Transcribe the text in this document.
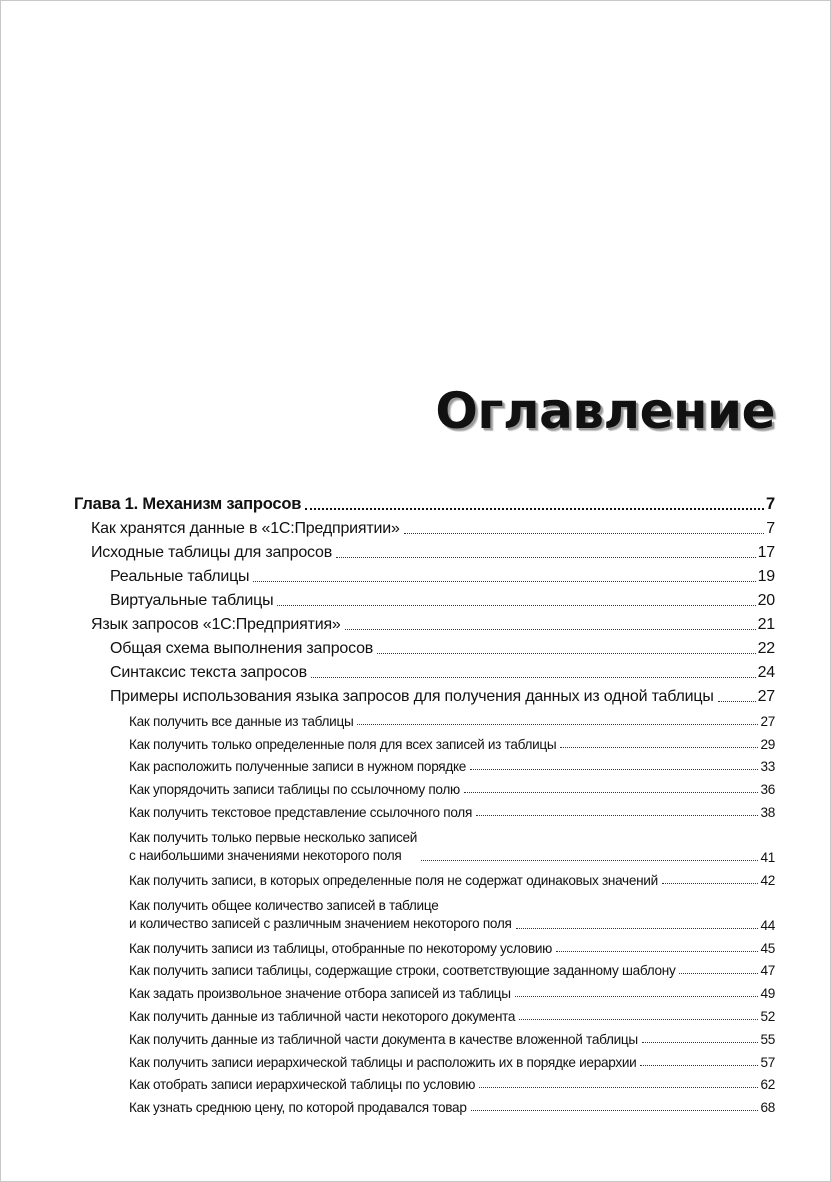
Оглавление
Глава 1. Механизм запросов	7
Как хранятся данные в «1С:Предприятии»	7
Исходные таблицы для запросов	17
Реальные таблицы	19
Виртуальные таблицы	20
Язык запросов «1С:Предприятия»	21
Общая схема выполнения запросов	22
Синтаксис текста запросов	24
Примеры использования языка запросов для получения данных из одной таблицы	27
Как получить все данные из таблицы	27
Как получить только определенные поля для всех записей из таблицы	29
Как расположить полученные записи в нужном порядке	33
Как упорядочить записи таблицы по ссылочному полю	36
Как получить текстовое представление ссылочного поля	38
Как получить только первые несколько записей
с наибольшими значениями некоторого поля	41
Как получить записи, в которых определенные поля не содержат одинаковых значений	42
Как получить общее количество записей в таблице
и количество записей с различным значением некоторого поля	44
Как получить записи из таблицы, отобранные по некоторому условию	45
Как получить записи таблицы, содержащие строки, соответствующие заданному шаблону	47
Как задать произвольное значение отбора записей из таблицы	49
Как получить данные из табличной части некоторого документа	52
Как получить данные из табличной части документа в качестве вложенной таблицы	55
Как получить записи иерархической таблицы и расположить их в порядке иерархии	57
Как отобрать записи иерархической таблицы по условию	62
Как узнать среднюю цену, по которой продавался товар	68
